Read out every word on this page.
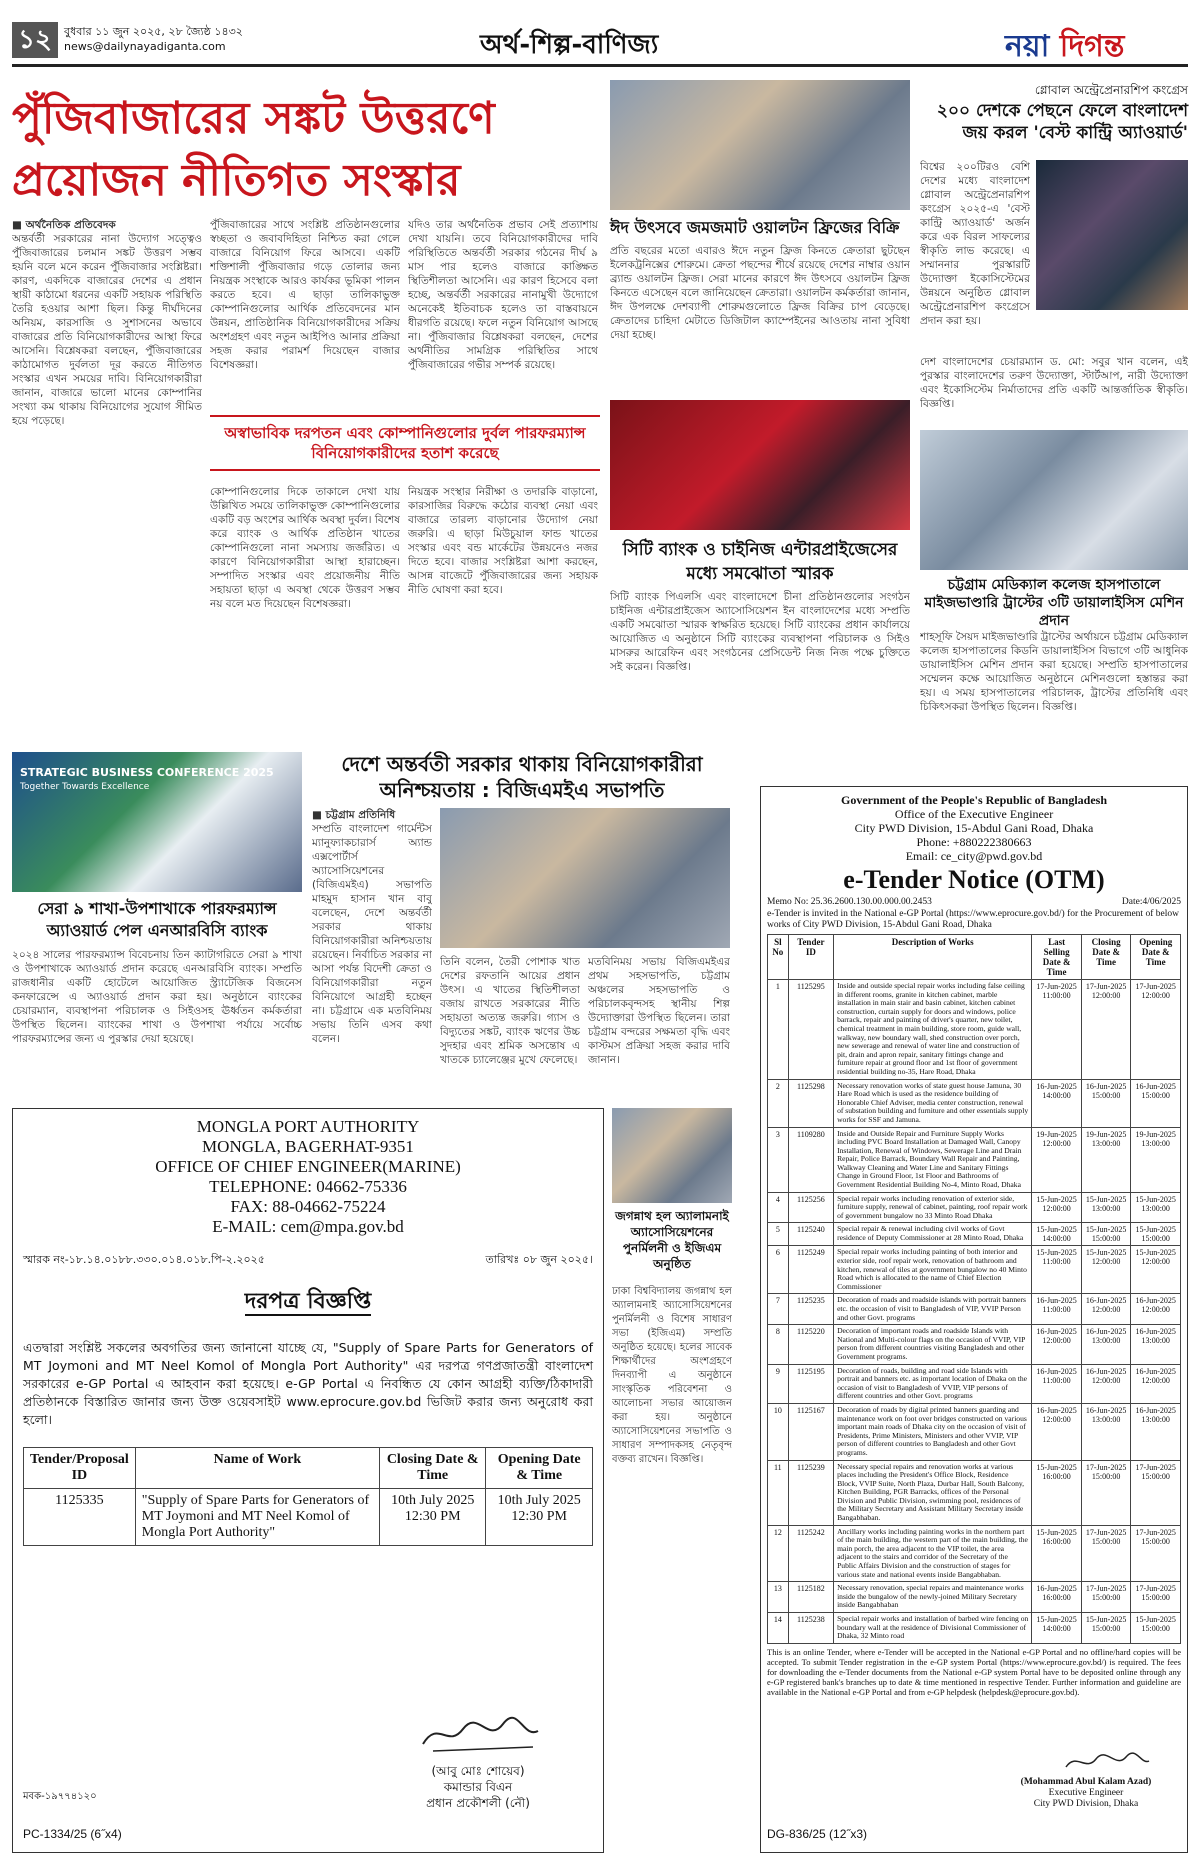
১২	বুধবার ১১ জুন ২০২৫, ২৮ জ্যৈষ্ঠ ১৪৩২
news@dailynayadiganta.com	অর্থ-শিল্প-বাণিজ্য	নয়া দিগন্ত
পুঁজিবাজারের সঙ্কট উত্তরণে
প্রয়োজন নীতিগত সংস্কার
■ অর্থনৈতিক প্রতিবেদক
অন্তর্বর্তী সরকারের নানা উদ্যোগ সত্ত্বেও পুঁজিবাজারের চলমান সঙ্কট উত্তরণ সম্ভব হয়নি বলে মনে করেন পুঁজিবাজার সংশ্লিষ্টরা। কারণ, একদিকে বাজারের দেশের এ প্রধান স্থায়ী কাঠামো ধরনের একটি সহায়ক পরিস্থিতি তৈরি হওয়ার আশা ছিল। কিন্তু দীর্ঘদিনের অনিয়ম, কারসাজি ও সুশাসনের অভাবে বাজারের প্রতি বিনিয়োগকারীদের আস্থা ফিরে আসেনি। বিশ্লেষকরা বলছেন, পুঁজিবাজারের কাঠামোগত দুর্বলতা দূর করতে নীতিগত সংস্কার এখন সময়ের দাবি। বিনিয়োগকারীরা জানান, বাজারে ভালো মানের কোম্পানির সংখ্যা কম থাকায় বিনিয়োগের সুযোগ সীমিত হয়ে পড়েছে।
পুঁজিবাজারের সাথে সংশ্লিষ্ট প্রতিষ্ঠানগুলোর স্বচ্ছতা ও জবাবদিহিতা নিশ্চিত করা গেলে বাজারে বিনিয়োগ ফিরে আসবে। একটি শক্তিশালী পুঁজিবাজার গড়ে তোলার জন্য নিয়ন্ত্রক সংস্থাকে আরও কার্যকর ভূমিকা পালন করতে হবে। এ ছাড়া তালিকাভুক্ত কোম্পানিগুলোর আর্থিক প্রতিবেদনের মান উন্নয়ন, প্রাতিষ্ঠানিক বিনিয়োগকারীদের সক্রিয় অংশগ্রহণ এবং নতুন আইপিও আনার প্রক্রিয়া সহজ করার পরামর্শ দিয়েছেন বাজার বিশেষজ্ঞরা।
যদিও তার অর্থনৈতিক প্রভাব সেই প্রত্যাশায় দেখা যায়নি। তবে বিনিয়োগকারীদের দাবি পরিস্থিতিতে অন্তর্বর্তী সরকার গঠনের দীর্ঘ ৯ মাস পার হলেও বাজারে কাঙ্ক্ষিত স্থিতিশীলতা আসেনি। এর কারণ হিসেবে বলা হচ্ছে, অন্তর্বর্তী সরকারের নানামুখী উদ্যোগে অনেকেই ইতিবাচক হলেও তা বাস্তবায়নে ধীরগতি রয়েছে। ফলে নতুন বিনিয়োগ আসছে না। পুঁজিবাজার বিশ্লেষকরা বলছেন, দেশের অর্থনীতির সামগ্রিক পরিস্থিতির সাথে পুঁজিবাজারের গভীর সম্পর্ক রয়েছে।
অস্বাভাবিক দরপতন এবং কোম্পানিগুলোর দুর্বল পারফরম্যান্স বিনিয়োগকারীদের হতাশ করেছে
কোম্পানিগুলোর দিকে তাকালে দেখা যায় উল্লিখিত সময়ে তালিকাভুক্ত কোম্পানিগুলোর একটি বড় অংশের আর্থিক অবস্থা দুর্বল। বিশেষ করে ব্যাংক ও আর্থিক প্রতিষ্ঠান খাতের কোম্পানিগুলো নানা সমস্যায় জর্জরিত। এ কারণে বিনিয়োগকারীরা আস্থা হারাচ্ছেন। সম্পাদিত সংস্কার এবং প্রয়োজনীয় নীতি সহায়তা ছাড়া এ অবস্থা থেকে উত্তরণ সম্ভব নয় বলে মত দিয়েছেন বিশেষজ্ঞরা।
নিয়ন্ত্রক সংস্থার নিরীক্ষা ও তদারকি বাড়ানো, কারসাজির বিরুদ্ধে কঠোর ব্যবস্থা নেয়া এবং বাজারে তারল্য বাড়ানোর উদ্যোগ নেয়া জরুরি। এ ছাড়া মিউচুয়াল ফান্ড খাতের সংস্কার এবং বন্ড মার্কেটের উন্নয়নেও নজর দিতে হবে। বাজার সংশ্লিষ্টরা আশা করছেন, আসন্ন বাজেটে পুঁজিবাজারের জন্য সহায়ক নীতি ঘোষণা করা হবে।
ঈদ উৎসবে জমজমাট ওয়ালটন ফ্রিজের বিক্রি
প্রতি বছরের মতো এবারও ঈদে নতুন ফ্রিজ কিনতে ক্রেতারা ছুটছেন ইলেকট্রনিক্সের শোরুমে। ক্রেতা পছন্দের শীর্ষে রয়েছে দেশের নাম্বার ওয়ান ব্র্যান্ড ওয়ালটন ফ্রিজ। সেরা মানের কারণে ঈদ উৎসবে ওয়ালটন ফ্রিজ কিনতে এসেছেন বলে জানিয়েছেন ক্রেতারা। ওয়ালটন কর্মকর্তারা জানান, ঈদ উপলক্ষে দেশব্যাপী শোরুমগুলোতে ফ্রিজ বিক্রির চাপ বেড়েছে। ক্রেতাদের চাহিদা মেটাতে ডিজিটাল ক্যাম্পেইনের আওতায় নানা সুবিধা দেয়া হচ্ছে।
সিটি ব্যাংক ও চাইনিজ এন্টারপ্রাইজেসের মধ্যে সমঝোতা স্মারক
সিটি ব্যাংক পিএলসি এবং বাংলাদেশে চীনা প্রতিষ্ঠানগুলোর সংগঠন চাইনিজ এন্টারপ্রাইজেস অ্যাসোসিয়েশন ইন বাংলাদেশের মধ্যে সম্প্রতি একটি সমঝোতা স্মারক স্বাক্ষরিত হয়েছে। সিটি ব্যাংকের প্রধান কার্যালয়ে আয়োজিত এ অনুষ্ঠানে সিটি ব্যাংকের ব্যবস্থাপনা পরিচালক ও সিইও মাসরুর আরেফিন এবং সংগঠনের প্রেসিডেন্ট নিজ নিজ পক্ষে চুক্তিতে সই করেন। বিজ্ঞপ্তি।
গ্লোবাল অন্ট্রেপ্রেনারশিপ কংগ্রেস
২০০ দেশকে পেছনে ফেলে বাংলাদেশ জয় করল 'বেস্ট কান্ট্রি অ্যাওয়ার্ড'
বিশ্বের ২০০টিরও বেশি দেশের মধ্যে বাংলাদেশ গ্লোবাল অন্ট্রেপ্রেনারশিপ কংগ্রেস ২০২৫-এ 'বেস্ট কান্ট্রি অ্যাওয়ার্ড' অর্জন করে এক বিরল সাফল্যের স্বীকৃতি লাভ করেছে। এ সম্মাননার পুরস্কারটি উদ্যোক্তা ইকোসিস্টেমের উন্নয়নে অনুষ্ঠিত গ্লোবাল অন্ট্রেপ্রেনারশিপ কংগ্রেসে প্রদান করা হয়।
দেশ বাংলাদেশের চেয়ারম্যান ড. মো: সবুর খান বলেন, এই পুরস্কার বাংলাদেশের তরুণ উদ্যোক্তা, স্টার্টআপ, নারী উদ্যোক্তা এবং ইকোসিস্টেম নির্মাতাদের প্রতি একটি আন্তর্জাতিক স্বীকৃতি। বিজ্ঞপ্তি।
চট্টগ্রাম মেডিক্যাল কলেজ হাসপাতালে মাইজভাণ্ডারি ট্রাস্টের ৩টি ডায়ালাইসিস মেশিন প্রদান
শাহসূফি সৈয়দ মাইজভাণ্ডারি ট্রাস্টের অর্থায়নে চট্টগ্রাম মেডিক্যাল কলেজ হাসপাতালের কিডনি ডায়ালাইসিস বিভাগে ৩টি আধুনিক ডায়ালাইসিস মেশিন প্রদান করা হয়েছে। সম্প্রতি হাসপাতালের সম্মেলন কক্ষে আয়োজিত অনুষ্ঠানে মেশিনগুলো হস্তান্তর করা হয়। এ সময় হাসপাতালের পরিচালক, ট্রাস্টের প্রতিনিধি এবং চিকিৎসকরা উপস্থিত ছিলেন। বিজ্ঞপ্তি।
STRATEGIC BUSINESS CONFERENCE 2025
Together Towards Excellence
সেরা ৯ শাখা-উপশাখাকে পারফরম্যান্স অ্যাওয়ার্ড পেল এনআরবিসি ব্যাংক
২০২৪ সালের পারফরম্যান্স বিবেচনায় তিন ক্যাটাগরিতে সেরা ৯ শাখা ও উপশাখাকে অ্যাওয়ার্ড প্রদান করেছে এনআরবিসি ব্যাংক। সম্প্রতি রাজধানীর একটি হোটেলে আয়োজিত স্ট্র্যাটেজিক বিজনেস কনফারেন্সে এ অ্যাওয়ার্ড প্রদান করা হয়। অনুষ্ঠানে ব্যাংকের চেয়ারম্যান, ব্যবস্থাপনা পরিচালক ও সিইওসহ ঊর্ধ্বতন কর্মকর্তারা উপস্থিত ছিলেন। ব্যাংকের শাখা ও উপশাখা পর্যায়ে সর্বোচ্চ পারফরম্যান্সের জন্য এ পুরস্কার দেয়া হয়েছে।
দেশে অন্তর্বতী সরকার থাকায় বিনিয়োগকারীরা
অনিশ্চয়তায় : বিজিএমইএ সভাপতি
■ চট্টগ্রাম প্রতিনিধি
সম্প্রতি বাংলাদেশ গার্মেন্টস ম্যানুফ্যাকচারার্স অ্যান্ড এক্সপোর্টার্স অ্যাসোসিয়েশনের (বিজিএমইএ) সভাপতি মাহমুদ হাসান খান বাবু বলেছেন, দেশে অন্তর্বর্তী সরকার থাকায় বিনিয়োগকারীরা অনিশ্চয়তায় রয়েছেন। নির্বাচিত সরকার না আসা পর্যন্ত বিদেশী ক্রেতা ও বিনিয়োগকারীরা নতুন বিনিয়োগে আগ্রহী হচ্ছেন না। চট্টগ্রামে এক মতবিনিময় সভায় তিনি এসব কথা বলেন।
তিনি বলেন, তৈরী পোশাক খাত দেশের রফতানি আয়ের প্রধান উৎস। এ খাতের স্থিতিশীলতা বজায় রাখতে সরকারের নীতি সহায়তা অত্যন্ত জরুরি। গ্যাস ও বিদ্যুতের সঙ্কট, ব্যাংক ঋণের উচ্চ সুদহার এবং শ্রমিক অসন্তোষ এ খাতকে চ্যালেঞ্জের মুখে ফেলেছে।
মতবিনিময় সভায় বিজিএমইএর প্রথম সহসভাপতি, চট্টগ্রাম অঞ্চলের সহসভাপতি ও পরিচালকবৃন্দসহ স্থানীয় শিল্প উদ্যোক্তারা উপস্থিত ছিলেন। তারা চট্টগ্রাম বন্দরের সক্ষমতা বৃদ্ধি এবং কাস্টমস প্রক্রিয়া সহজ করার দাবি জানান।
জগন্নাথ হল অ্যালামনাই অ্যাসোসিয়েশনের পুনর্মিলনী ও ইজিএম অনুষ্ঠিত
ঢাকা বিশ্ববিদ্যালয় জগন্নাথ হল অ্যালামনাই অ্যাসোসিয়েশনের পুনর্মিলনী ও বিশেষ সাধারণ সভা (ইজিএম) সম্প্রতি অনুষ্ঠিত হয়েছে। হলের সাবেক শিক্ষার্থীদের অংশগ্রহণে দিনব্যাপী এ অনুষ্ঠানে সাংস্কৃতিক পরিবেশনা ও আলোচনা সভার আয়োজন করা হয়। অনুষ্ঠানে অ্যাসোসিয়েশনের সভাপতি ও সাধারণ সম্পাদকসহ নেতৃবৃন্দ বক্তব্য রাখেন। বিজ্ঞপ্তি।
MONGLA PORT AUTHORITY
MONGLA, BAGERHAT-9351
OFFICE OF CHIEF ENGINEER(MARINE)
TELEPHONE: 04662-75336
FAX: 88-04662-75224
E-MAIL: cem@mpa.gov.bd
স্মারক নং-১৮.১৪.০১৮৮.৩৩০.০১৪.০১৮.পি-২.২০২৫	তারিখঃ ০৮ জুন ২০২৫।
দরপত্র বিজ্ঞপ্তি
এতদ্বারা সংশ্লিষ্ট সকলের অবগতির জন্য জানানো যাচ্ছে যে, "Supply of Spare Parts for Generators of MT Joymoni and MT Neel Komol of Mongla Port Authority" এর দরপত্র গণপ্রজাতন্ত্রী বাংলাদেশ সরকারের e-GP Portal এ আহবান করা হয়েছে। e-GP Portal এ নিবন্ধিত যে কোন আগ্রহী ব্যক্তি/ঠিকাদারী প্রতিষ্ঠানকে বিস্তারিত জানার জন্য উক্ত ওয়েবসাইট www.eprocure.gov.bd ভিজিট করার জন্য অনুরোধ করা হলো।
Tender/Proposal ID	Name of Work	Closing Date & Time	Opening Date & Time
1125335	"Supply of Spare Parts for Generators of MT Joymoni and MT Neel Komol of Mongla Port Authority"	10th July 2025 12:30 PM	10th July 2025 12:30 PM
(আবু মোঃ শোয়েব)
কমান্ডার বিএন
প্রধান প্রকৌশলী (নৌ)
মবক-১৯৭৭৪১২০
PC-1334/25 (6˝x4)
Government of the People's Republic of Bangladesh
Office of the Executive Engineer
City PWD Division, 15-Abdul Gani Road, Dhaka
Phone: +880222380663
Email: ce_city@pwd.gov.bd
e-Tender Notice (OTM)
Memo No: 25.36.2600.130.00.000.00.2453	Date:4/06/2025
e-Tender is invited in the National e-GP Portal (https://www.eprocure.gov.bd/) for the Procurement of below works of City PWD Division, 15-Abdul Gani Road, Dhaka
Sl No	Tender ID	Description of Works	Last Selling Date & Time	Closing Date & Time	Opening Date & Time
1	1125295	Inside and outside special repair works including false ceiling in different rooms, granite in kitchen cabinet, marble installation in main stair and basin cabinet, kitchen cabinet construction, curtain supply for doors and windows, police barrack, repair and painting of driver's quarter, new toilet, chemical treatment in main building, store room, guide wall, walkway, new boundary wall, shed construction over porch, new sewerage and renewal of water line and construction of pit, drain and apron repair, sanitary fittings change and furniture repair at ground floor and 1st floor of government residential building no-35, Hare Road, Dhaka	17-Jun-2025 11:00:00	17-Jun-2025 12:00:00	17-Jun-2025 12:00:00
2	1125298	Necessary renovation works of state guest house Jamuna, 30 Hare Road which is used as the residence building of Honorable Chief Adviser, media center construction, renewal of substation building and furniture and other essentials supply works for SSF and Jamuna.	16-Jun-2025 14:00:00	16-Jun-2025 15:00:00	16-Jun-2025 15:00:00
3	1109280	Inside and Outside Repair and Furniture Supply Works including PVC Board Installation at Damaged Wall, Canopy Installation, Renewal of Windows, Sewerage Line and Drain Repair, Police Barrack, Boundary Wall Repair and Painting, Walkway Cleaning and Water Line and Sanitary Fittings Change in Ground Floor, 1st Floor and Bathrooms of Government Residential Building No-4, Minto Road, Dhaka	19-Jun-2025 12:00:00	19-Jun-2025 13:00:00	19-Jun-2025 13:00:00
4	1125256	Special repair works including renovation of exterior side, furniture supply, renewal of cabinet, painting, roof repair work of government bungalow no 33 Minto Road Dhaka	15-Jun-2025 12:00:00	15-Jun-2025 13:00:00	15-Jun-2025 13:00:00
5	1125240	Special repair & renewal including civil works of Govt residence of Deputy Commissioner at 28 Minto Road, Dhaka	15-Jun-2025 14:00:00	15-Jun-2025 15:00:00	15-Jun-2025 15:00:00
6	1125249	Special repair works including painting of both interior and exterior side, roof repair work, renovation of bathroom and kitchen, renewal of tiles at government bungalow no 40 Minto Road which is allocated to the name of Chief Election Commissioner	15-Jun-2025 11:00:00	15-Jun-2025 12:00:00	15-Jun-2025 12:00:00
7	1125235	Decoration of roads and roadside islands with portrait banners etc. the occasion of visit to Bangladesh of VIP, VVIP Person and other Govt. programs	16-Jun-2025 11:00:00	16-Jun-2025 12:00:00	16-Jun-2025 12:00:00
8	1125220	Decoration of important roads and roadside Islands with National and Multi-colour flags on the occasion of VVIP, VIP person from different countries visiting Bangladesh and other Government programs.	16-Jun-2025 12:00:00	16-Jun-2025 13:00:00	16-Jun-2025 13:00:00
9	1125195	Decoration of roads, building and road side Islands with portrait and banners etc. as important location of Dhaka on the occasion of visit to Bangladesh of VVIP, VIP persons of different countries and other Govt. programs	16-Jun-2025 11:00:00	16-Jun-2025 12:00:00	16-Jun-2025 12:00:00
10	1125167	Decoration of roads by digital printed banners guarding and maintenance work on foot over bridges constructed on various important main roads of Dhaka city on the occasion of visit of Presidents, Prime Ministers, Ministers and other VVIP, VIP person of different countries to Bangladesh and other Govt programs.	16-Jun-2025 12:00:00	16-Jun-2025 13:00:00	16-Jun-2025 13:00:00
11	1125239	Necessary special repairs and renovation works at various places including the President's Office Block, Residence Block, VVIP Suite, North Plaza, Durbar Hall, South Balcony, Kitchen Building, PGR Barracks, offices of the Personal Division and Public Division, swimming pool, residences of the Military Secretary and Assistant Military Secretary inside Bangabhaban.	15-Jun-2025 16:00:00	17-Jun-2025 15:00:00	17-Jun-2025 15:00:00
12	1125242	Ancillary works including painting works in the northern part of the main building, the western part of the main building, the main porch, the area adjacent to the VIP toilet, the area adjacent to the stairs and corridor of the Secretary of the Public Affairs Division and the construction of stages for various state and national events inside Bangabhaban.	15-Jun-2025 16:00:00	17-Jun-2025 15:00:00	17-Jun-2025 15:00:00
13	1125182	Necessary renovation, special repairs and maintenance works inside the bungalow of the newly-joined Military Secretary inside Bangabhaban	16-Jun-2025 16:00:00	17-Jun-2025 15:00:00	17-Jun-2025 15:00:00
14	1125238	Special repair works and installation of barbed wire fencing on boundary wall at the residence of Divisional Commissioner of Dhaka, 32 Minto road	15-Jun-2025 14:00:00	15-Jun-2025 15:00:00	15-Jun-2025 15:00:00
This is an online Tender, where e-Tender will be accepted in the National e-GP Portal and no offline/hard copies will be accepted. To submit Tender registration in the e-GP system Portal (https://www.eprocure.gov.bd/) is required. The fees for downloading the e-Tender documents from the National e-GP system Portal have to be deposited online through any e-GP registered bank's branches up to date & time mentioned in respective Tender. Further information and guideline are available in the National e-GP Portal and from e-GP helpdesk (helpdesk@eprocure.gov.bd).
(Mohammad Abul Kalam Azad)
Executive Engineer
City PWD Division, Dhaka
DG-836/25 (12˝x3)
